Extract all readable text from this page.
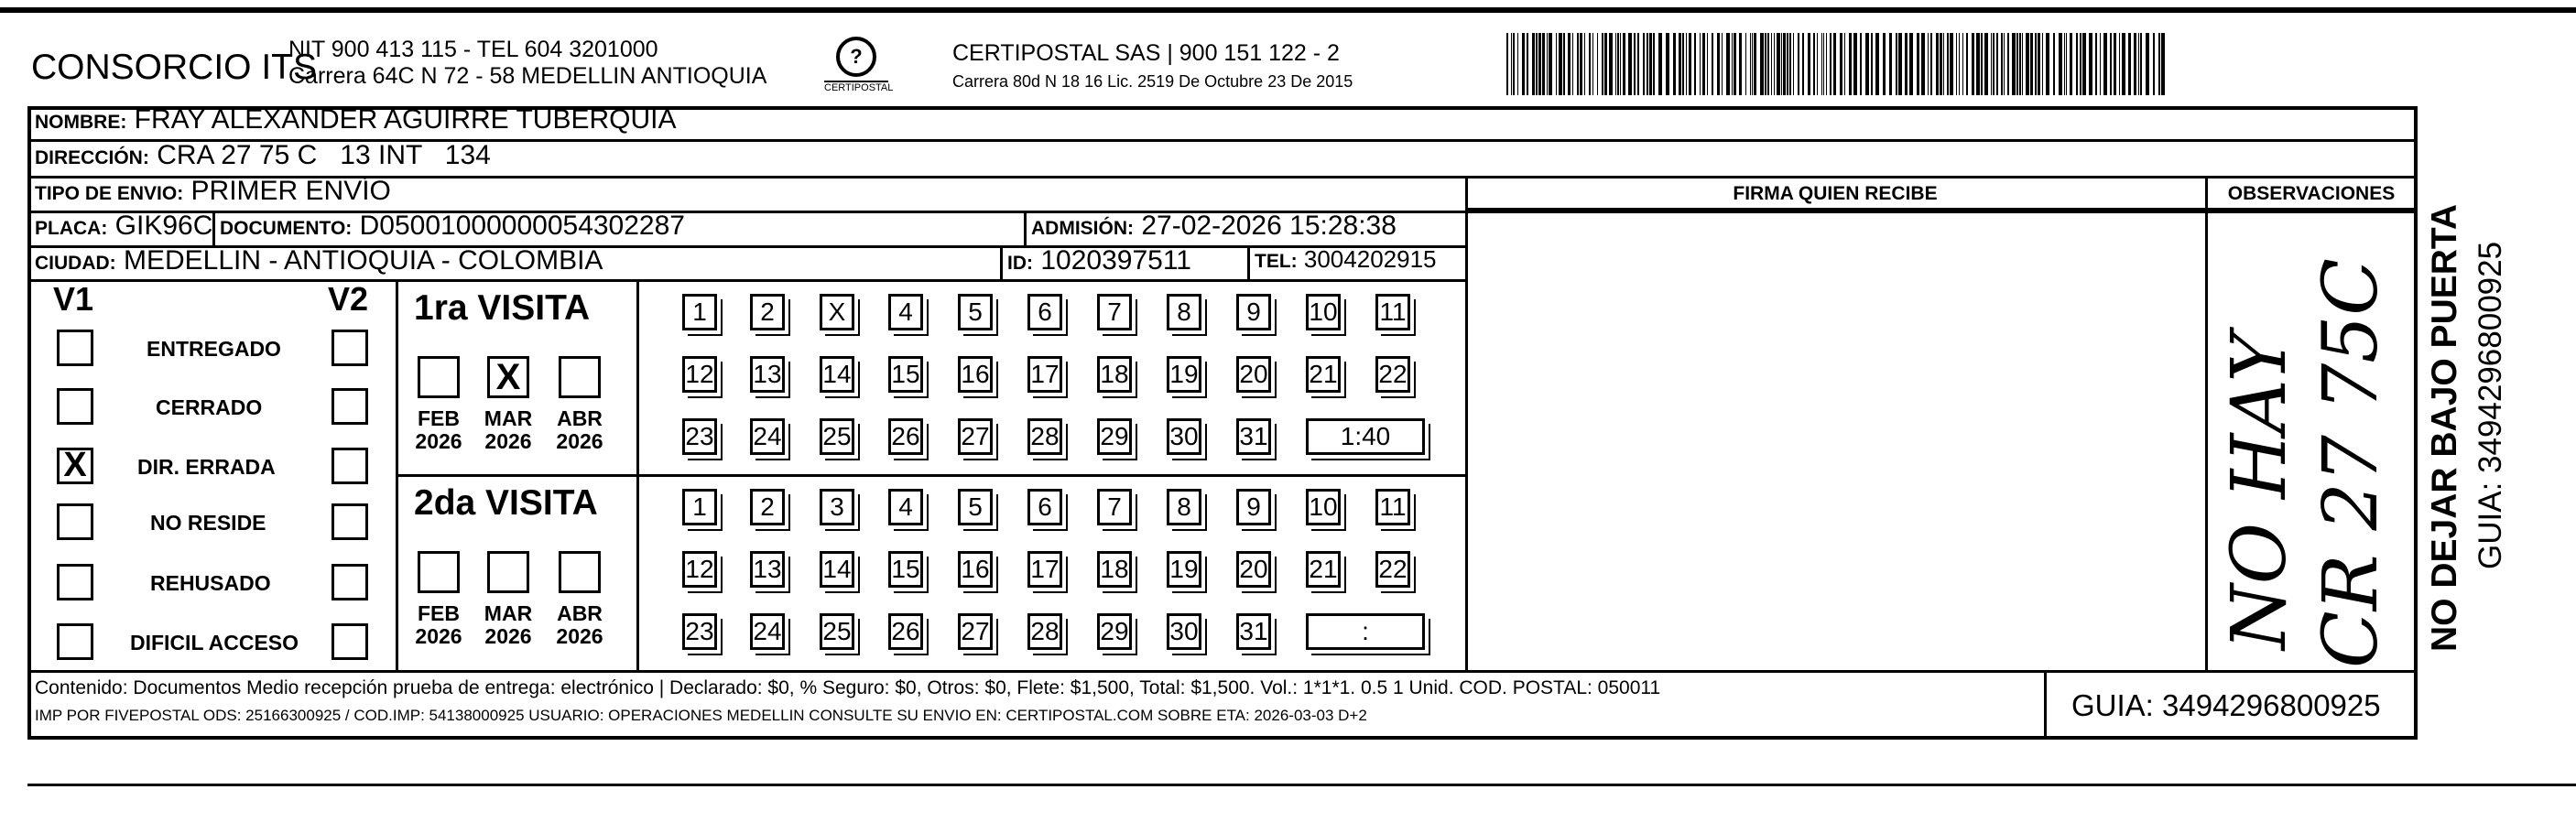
CONSORCIO ITS
NIT 900 413 115 - TEL 604 3201000
Carrera 64C N 72 - 58 MEDELLIN ANTIOQUIA
?
CERTIPOSTAL
CERTIPOSTAL SAS | 900 151 122 - 2
Carrera 80d N 18 16 Lic. 2519 De Octubre 23 De 2015
NOMBRE: FRAY ALEXANDER AGUIRRE TUBERQUIA
DIRECCIÓN: CRA 27 75 C   13 INT   134
TIPO DE ENVIO: PRIMER ENVÍO
PLACA: GIK96C DOCUMENTO: D05001000000054302287	ADMISIÓN: 27-02-2026 15:28:38
CIUDAD: MEDELLIN - ANTIOQUIA - COLOMBIA	ID: 1020397511	TEL: 3004202915
FIRMA QUIEN RECIBE	OBSERVACIONES
V1	V2
ENTREGADO
CERRADO
X	DIR. ERRADA
NO RESIDE
REHUSADO
DIFICIL ACCESO
1ra VISITA
FEB
2026
X
MAR
2026
ABR
2026
1	2	X	4	5	6	7	8	9	10 11
12 13 14 15 16 17 18 19 20 21 22
23 24 25 26 27 28 29 30 31	1:40
2da VISITA
FEB
2026
MAR
2026
ABR
2026
1	2	3	4	5	6	7	8	9	10 11
12 13 14 15 16 17 18 19 20 21 22
23 24 25 26 27 28 29 30 31	:	NO HAY CR 27 75C
Contenido: Documentos Medio recepción prueba de entrega: electrónico | Declarado: $0, % Seguro: $0, Otros: $0, Flete: $1,500, Total: $1,500. Vol.: 1*1*1. 0.5 1 Unid. COD. POSTAL: 050011
IMP POR FIVEPOSTAL ODS: 25166300925 / COD.IMP: 54138000925 USUARIO: OPERACIONES MEDELLIN CONSULTE SU ENVIO EN: CERTIPOSTAL.COM SOBRE ETA: 2026-03-03 D+2	GUIA: 3494296800925
NO DEJAR BAJO PUERTA GUIA: 3494296800925
